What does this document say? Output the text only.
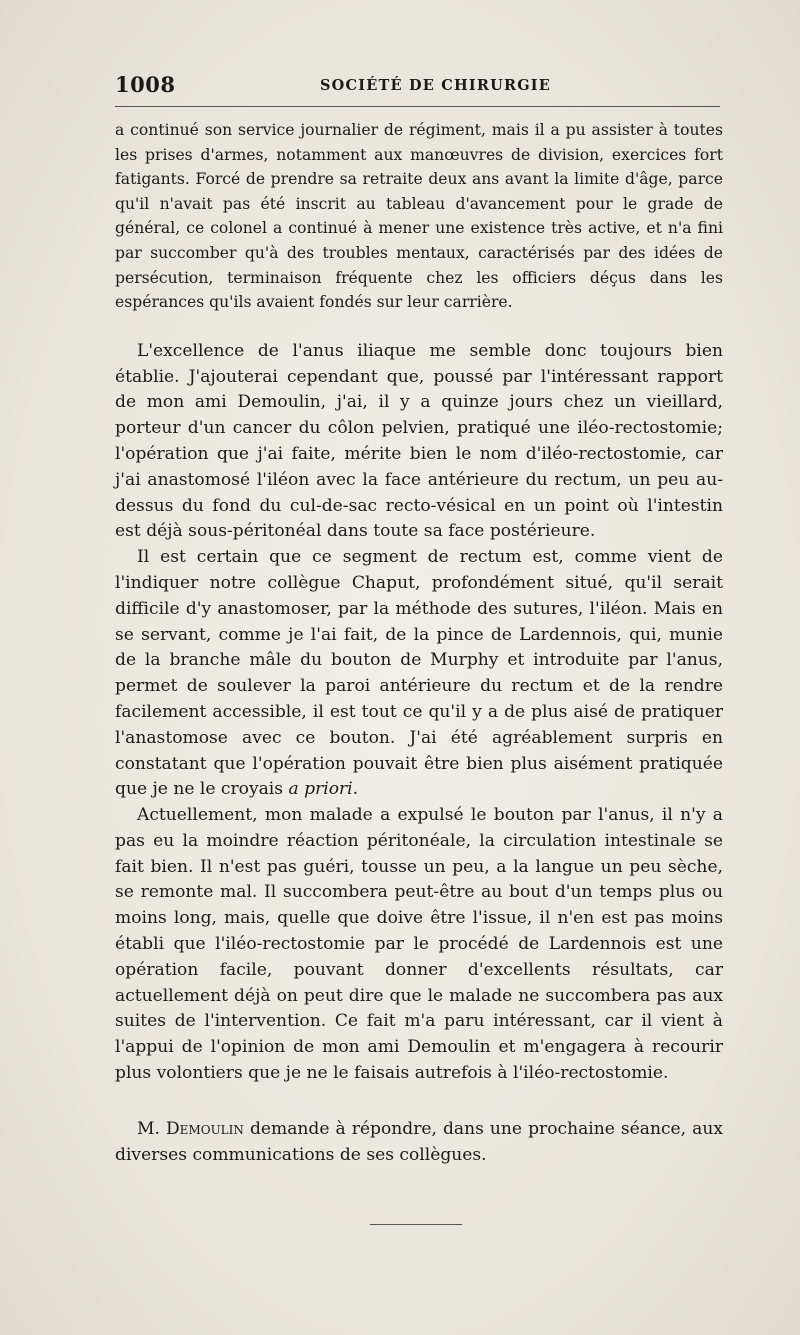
1008	SOCIÉTÉ DE CHIRURGIE

a continué son service journalier de régiment, mais il a pu assister à toutes les prises d'armes, notamment aux manœuvres de division, exercices fort fatigants. Forcé de prendre sa retraite deux ans avant la limite d'âge, parce qu'il n'avait pas été inscrit au tableau d'avancement pour le grade de général, ce colonel a continué à mener une existence très active, et n'a fini par succomber qu'à des troubles mentaux, caractérisés par des idées de persécution, terminaison fréquente chez les officiers déçus dans les espérances qu'ils avaient fondés sur leur carrière.

L'excellence de l'anus iliaque me semble donc toujours bien établie. J'ajouterai cependant que, poussé par l'intéressant rapport de mon ami Demoulin, j'ai, il y a quinze jours chez un vieillard, porteur d'un cancer du côlon pelvien, pratiqué une iléo-rectostomie; l'opération que j'ai faite, mérite bien le nom d'iléo-rectostomie, car j'ai anastomosé l'iléon avec la face antérieure du rectum, un peu au-dessus du fond du cul-de-sac recto-vésical en un point où l'intestin est déjà sous-péritonéal dans toute sa face postérieure.

Il est certain que ce segment de rectum est, comme vient de l'indiquer notre collègue Chaput, profondément situé, qu'il serait difficile d'y anastomoser, par la méthode des sutures, l'iléon. Mais en se servant, comme je l'ai fait, de la pince de Lardennois, qui, munie de la branche mâle du bouton de Murphy et introduite par l'anus, permet de soulever la paroi antérieure du rectum et de la rendre facilement accessible, il est tout ce qu'il y a de plus aisé de pratiquer l'anastomose avec ce bouton. J'ai été agréablement surpris en constatant que l'opération pouvait être bien plus aisément pratiquée que je ne le croyais a priori.

Actuellement, mon malade a expulsé le bouton par l'anus, il n'y a pas eu la moindre réaction péritonéale, la circulation intestinale se fait bien. Il n'est pas guéri, tousse un peu, a la langue un peu sèche, se remonte mal. Il succombera peut-être au bout d'un temps plus ou moins long, mais, quelle que doive être l'issue, il n'en est pas moins établi que l'iléo-rectostomie par le procédé de Lardennois est une opération facile, pouvant donner d'excellents résultats, car actuellement déjà on peut dire que le malade ne succombera pas aux suites de l'intervention. Ce fait m'a paru intéressant, car il vient à l'appui de l'opinion de mon ami Demoulin et m'engagera à recourir plus volontiers que je ne le faisais autrefois à l'iléo-rectostomie.

M. Demoulin demande à répondre, dans une prochaine séance, aux diverses communications de ses collègues.
